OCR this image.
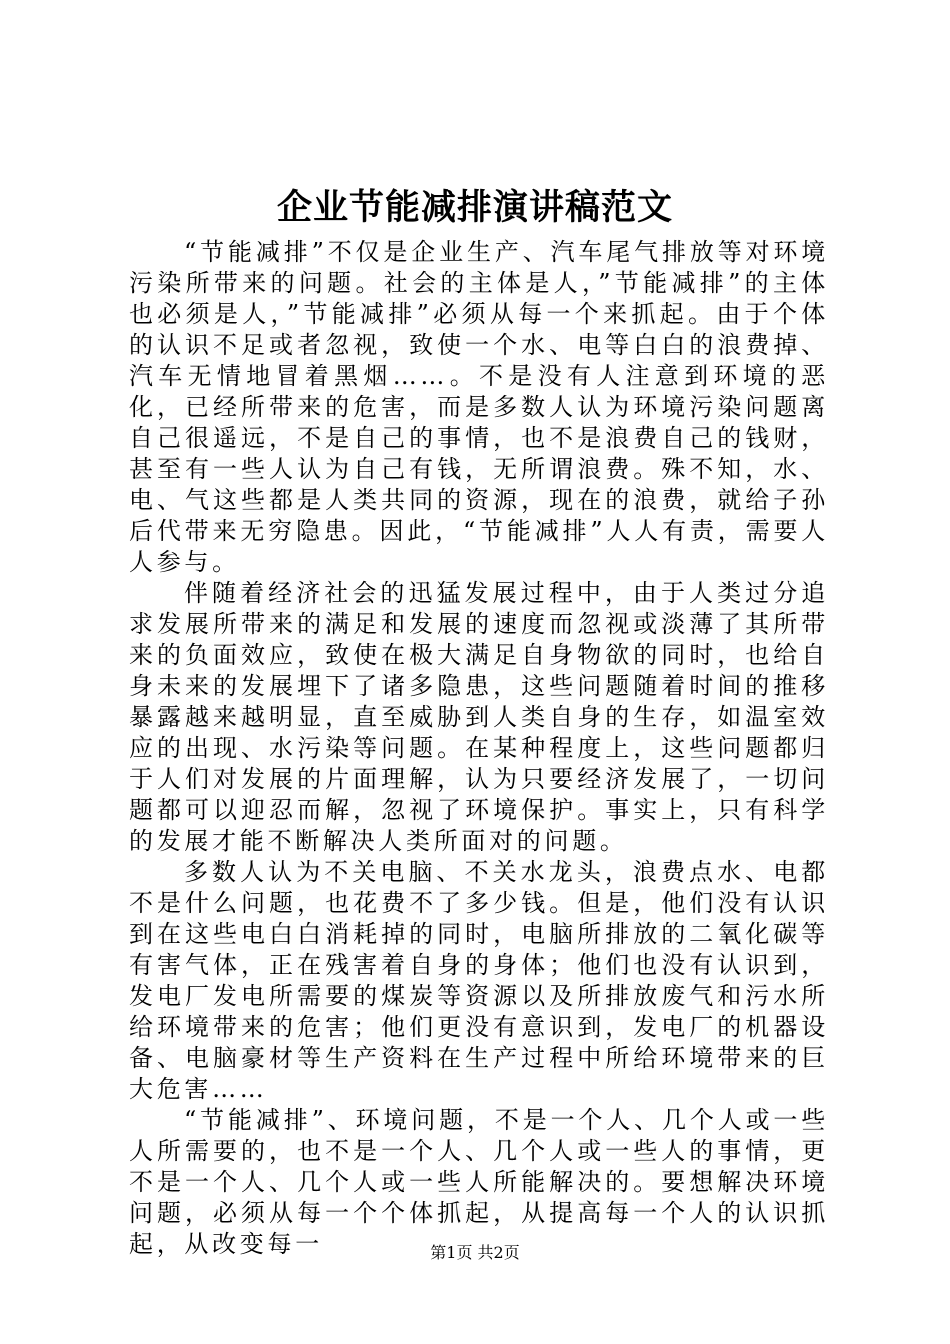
企业节能减排演讲稿范文

“节能减排”不仅是企业生产、汽车尾气排放等对环境污染所带来的问题。社会的主体是人，”节能减排”的主体也必须是人，”节能减排”必须从每一个来抓起。由于个体的认识不足或者忽视，致使一个水、电等白白的浪费掉、汽车无情地冒着黑烟……。不是没有人注意到环境的恶化，已经所带来的危害，而是多数人认为环境污染问题离自己很遥远，不是自己的事情，也不是浪费自己的钱财，甚至有一些人认为自己有钱，无所谓浪费。殊不知，水、电、气这些都是人类共同的资源，现在的浪费，就给子孙后代带来无穷隐患。因此，“节能减排”人人有责，需要人人参与。

伴随着经济社会的迅猛发展过程中，由于人类过分追求发展所带来的满足和发展的速度而忽视或淡薄了其所带来的负面效应，致使在极大满足自身物欲的同时，也给自身未来的发展埋下了诸多隐患，这些问题随着时间的推移暴露越来越明显，直至威胁到人类自身的生存，如温室效应的出现、水污染等问题。在某种程度上，这些问题都归于人们对发展的片面理解，认为只要经济发展了，一切问题都可以迎忍而解，忽视了环境保护。事实上，只有科学的发展才能不断解决人类所面对的问题。

多数人认为不关电脑、不关水龙头，浪费点水、电都不是什么问题，也花费不了多少钱。但是，他们没有认识到在这些电白白消耗掉的同时，电脑所排放的二氧化碳等有害气体，正在残害着自身的身体；他们也没有认识到，发电厂发电所需要的煤炭等资源以及所排放废气和污水所给环境带来的危害；他们更没有意识到，发电厂的机器设备、电脑豪材等生产资料在生产过程中所给环境带来的巨大危害……

“节能减排”、环境问题，不是一个人、几个人或一些人所需要的，也不是一个人、几个人或一些人的事情，更不是一个人、几个人或一些人所能解决的。要想解决环境问题，必须从每一个个体抓起，从提高每一个人的认识抓起，从改变每一	第1页 共2页
